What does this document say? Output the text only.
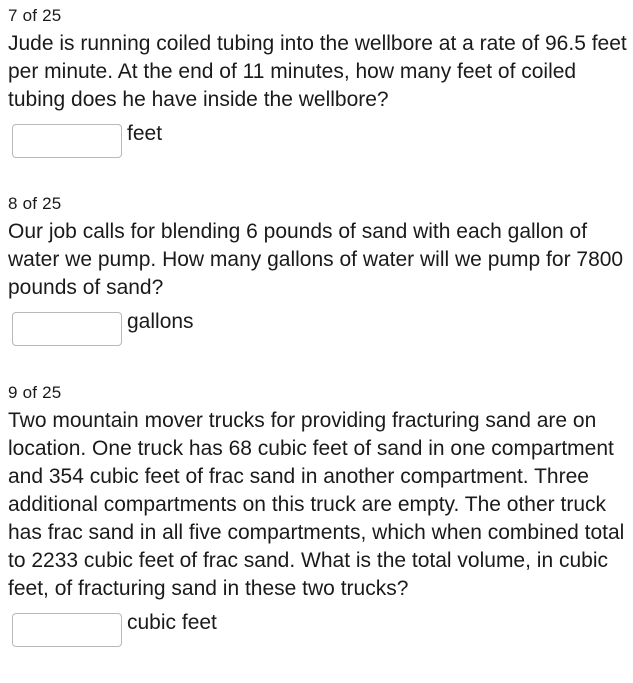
7 of 25

Jude is running coiled tubing into the wellbore at a rate of 96.5 feet per minute. At the end of 11 minutes, how many feet of coiled tubing does he have inside the wellbore?

feet

8 of 25

Our job calls for blending 6 pounds of sand with each gallon of water we pump. How many gallons of water will we pump for 7800 pounds of sand?

gallons

9 of 25

Two mountain mover trucks for providing fracturing sand are on location. One truck has 68 cubic feet of sand in one compartment and 354 cubic feet of frac sand in another compartment. Three additional compartments on this truck are empty. The other truck has frac sand in all five compartments, which when combined total to 2233 cubic feet of frac sand. What is the total volume, in cubic feet, of fracturing sand in these two trucks?

cubic feet
